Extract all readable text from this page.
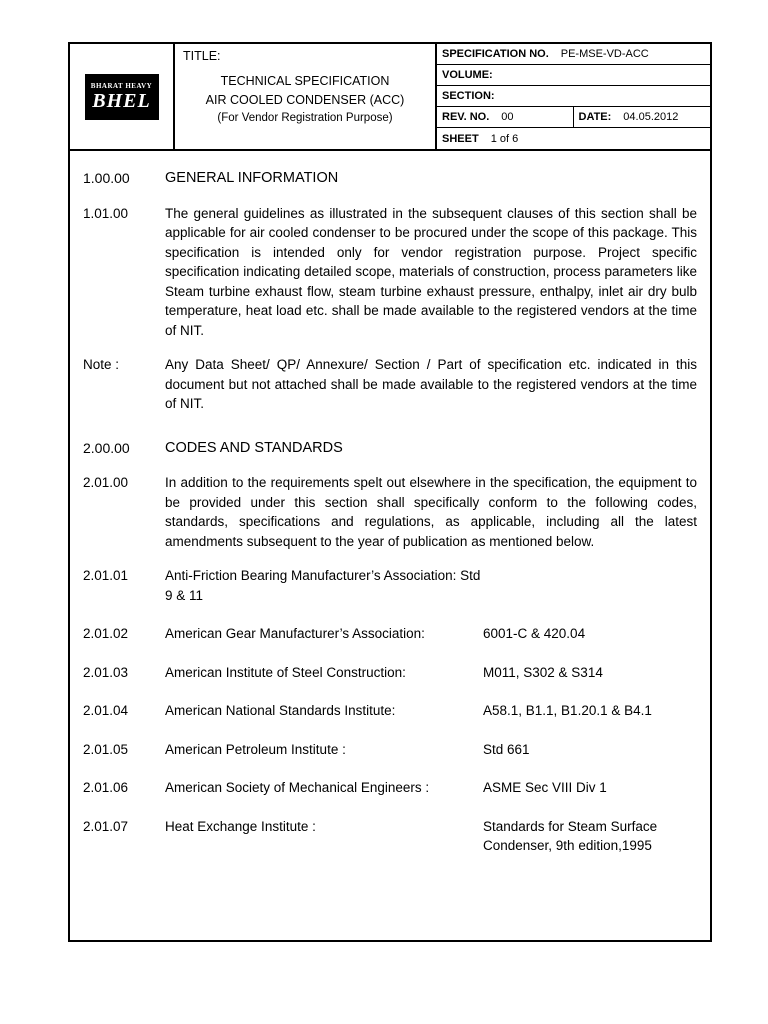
BHARAT HEAVY
BHEL
TITLE:
TECHNICAL SPECIFICATION
AIR COOLED CONDENSER (ACC)
(For Vendor Registration Purpose)
SPECIFICATION NO.	PE-MSE-VD-ACC
VOLUME:
SECTION:
REV. NO.	00	DATE:	04.05.2012
SHEET	1 of 6
1.00.00	GENERAL INFORMATION
1.01.00	The general guidelines as illustrated in the subsequent clauses of this section shall be applicable for air cooled condenser to be procured under the scope of this package. This specification is intended only for vendor registration purpose. Project specific specification indicating detailed scope, materials of construction, process parameters like Steam turbine exhaust flow, steam turbine exhaust pressure, enthalpy, inlet air dry bulb temperature, heat load etc. shall be made available to the registered vendors at the time of NIT.
Note :	Any Data Sheet/ QP/ Annexure/ Section / Part of specification etc. indicated in this document but not attached shall be made available to the registered vendors at the time of NIT.
2.00.00	CODES AND STANDARDS
2.01.00	In addition to the requirements spelt out elsewhere in the specification, the equipment to be provided under this section shall specifically conform to the following codes, standards, specifications and regulations, as applicable, including all the latest amendments subsequent to the year of publication as mentioned below.
2.01.01	Anti-Friction Bearing Manufacturer’s Association: Std 9 & 11
2.01.02	American Gear Manufacturer’s Association:	6001-C & 420.04
2.01.03	American Institute of Steel Construction:	M011, S302 & S314
2.01.04	American National Standards Institute:	A58.1, B1.1, B1.20.1 & B4.1
2.01.05	American Petroleum Institute :	Std 661
2.01.06	American Society of Mechanical Engineers :	ASME Sec VIII Div 1
2.01.07	Heat Exchange Institute :	Standards for Steam Surface Condenser, 9th edition,1995
